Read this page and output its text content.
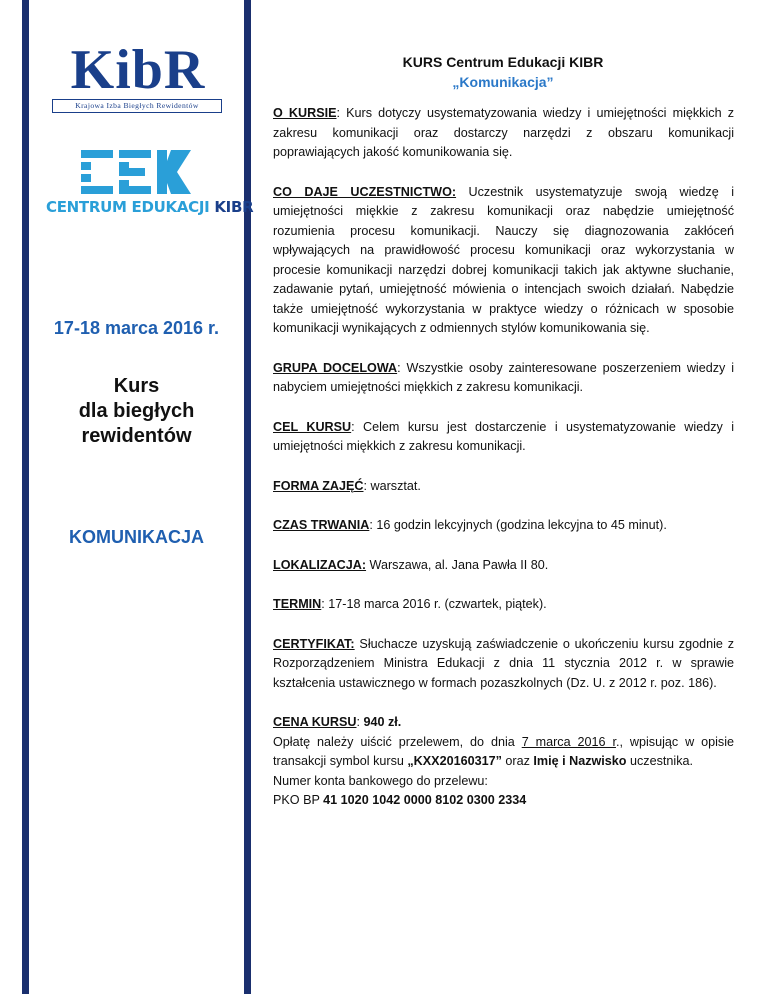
KibR
Krajowa Izba Biegłych Rewidentów
CENTRUM EDUKACJI KIBR
17-18 marca 2016 r.
Kurs
dla biegłych
rewidentów
KOMUNIKACJA
KURS Centrum Edukacji KIBR
„Komunikacja”

O KURSIE: Kurs dotyczy usystematyzowania wiedzy i umiejętności miękkich z zakresu komunikacji oraz dostarczy narzędzi z obszaru komunikacji poprawiających jakość komunikowania się.

CO DAJE UCZESTNICTWO: Uczestnik usystematyzuje swoją wiedzę i umiejętności miękkie z zakresu komunikacji oraz nabędzie umiejętność rozumienia procesu komunikacji. Nauczy się diagnozowania zakłóceń wpływających na prawidłowość procesu komunikacji oraz wykorzystania w procesie komunikacji narzędzi dobrej komunikacji takich jak aktywne słuchanie, zadawanie pytań, umiejętność mówienia o intencjach swoich działań. Nabędzie także umiejętność wykorzystania w praktyce wiedzy o różnicach w sposobie komunikacji wynikających z odmiennych stylów komunikowania się.

GRUPA DOCELOWA: Wszystkie osoby zainteresowane poszerzeniem wiedzy i nabyciem umiejętności miękkich z zakresu komunikacji.

CEL KURSU: Celem kursu jest dostarczenie i usystematyzowanie wiedzy i umiejętności miękkich z zakresu komunikacji.

FORMA ZAJĘĆ: warsztat.

CZAS TRWANIA: 16 godzin lekcyjnych (godzina lekcyjna to 45 minut).

LOKALIZACJA: Warszawa, al. Jana Pawła II 80.

TERMIN: 17-18 marca 2016 r. (czwartek, piątek).

CERTYFIKAT: Słuchacze uzyskują zaświadczenie o ukończeniu kursu zgodnie z Rozporządzeniem Ministra Edukacji z dnia 11 stycznia 2012 r. w sprawie kształcenia ustawicznego w formach pozaszkolnych (Dz. U. z 2012 r. poz. 186).

CENA KURSU: 940 zł.

Opłatę należy uiścić przelewem, do dnia 7 marca 2016 r., wpisując w opisie transakcji symbol kursu „KXX20160317” oraz Imię i Nazwisko uczestnika.

Numer konta bankowego do przelewu:

PKO BP 41 1020 1042 0000 8102 0300 2334
